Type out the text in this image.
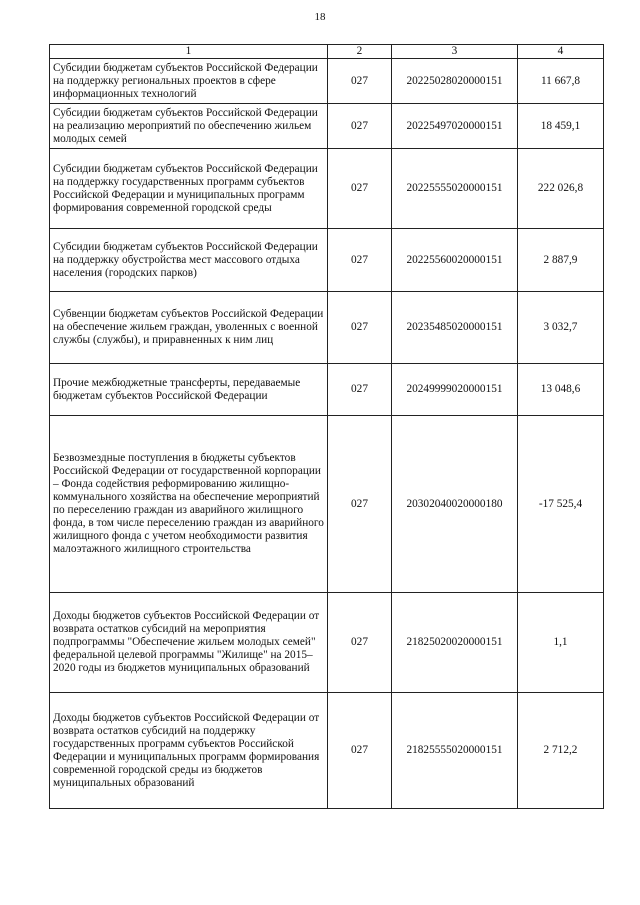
18
1	2	3	4
Субсидии бюджетам субъектов Российской Федерации на поддержку региональных проектов в сфере информационных технологий	027	20225028020000151	11 667,8
Субсидии бюджетам субъектов Российской Федерации на реализацию мероприятий по обеспечению жильем молодых семей	027	20225497020000151	18 459,1
Субсидии бюджетам субъектов Российской Федерации на поддержку государственных программ субъектов Российской Федерации и муниципальных программ формирования современной городской среды	027	20225555020000151	222 026,8
Субсидии бюджетам субъектов Российской Федерации на поддержку обустройства мест массового отдыха населения (городских парков)	027	20225560020000151	2 887,9
Субвенции бюджетам субъектов Российской Федерации на обеспечение жильем граждан, уволенных с военной службы (службы), и приравненных к ним лиц	027	20235485020000151	3 032,7
Прочие межбюджетные трансферты, передаваемые бюджетам субъектов Российской Федерации	027	20249999020000151	13 048,6
Безвозмездные поступления в бюджеты субъектов Российской Федерации от государственной корпорации – Фонда содействия реформированию жилищно-коммунального хозяйства на обеспечение мероприятий по переселению граждан из аварийного жилищного фонда, в том числе переселению граждан из аварийного жилищного фонда с учетом необходимости развития малоэтажного жилищного строительства	027	20302040020000180	-17 525,4
Доходы бюджетов субъектов Российской Федерации от возврата остатков субсидий на мероприятия подпрограммы "Обеспечение жильем молодых семей" федеральной целевой программы "Жилище" на 2015–2020 годы из бюджетов муниципальных образований	027	21825020020000151	1,1
Доходы бюджетов субъектов Российской Федерации от возврата остатков субсидий на поддержку государственных программ субъектов Российской Федерации и муниципальных программ формирования современной городской среды из бюджетов муниципальных образований	027	21825555020000151	2 712,2
